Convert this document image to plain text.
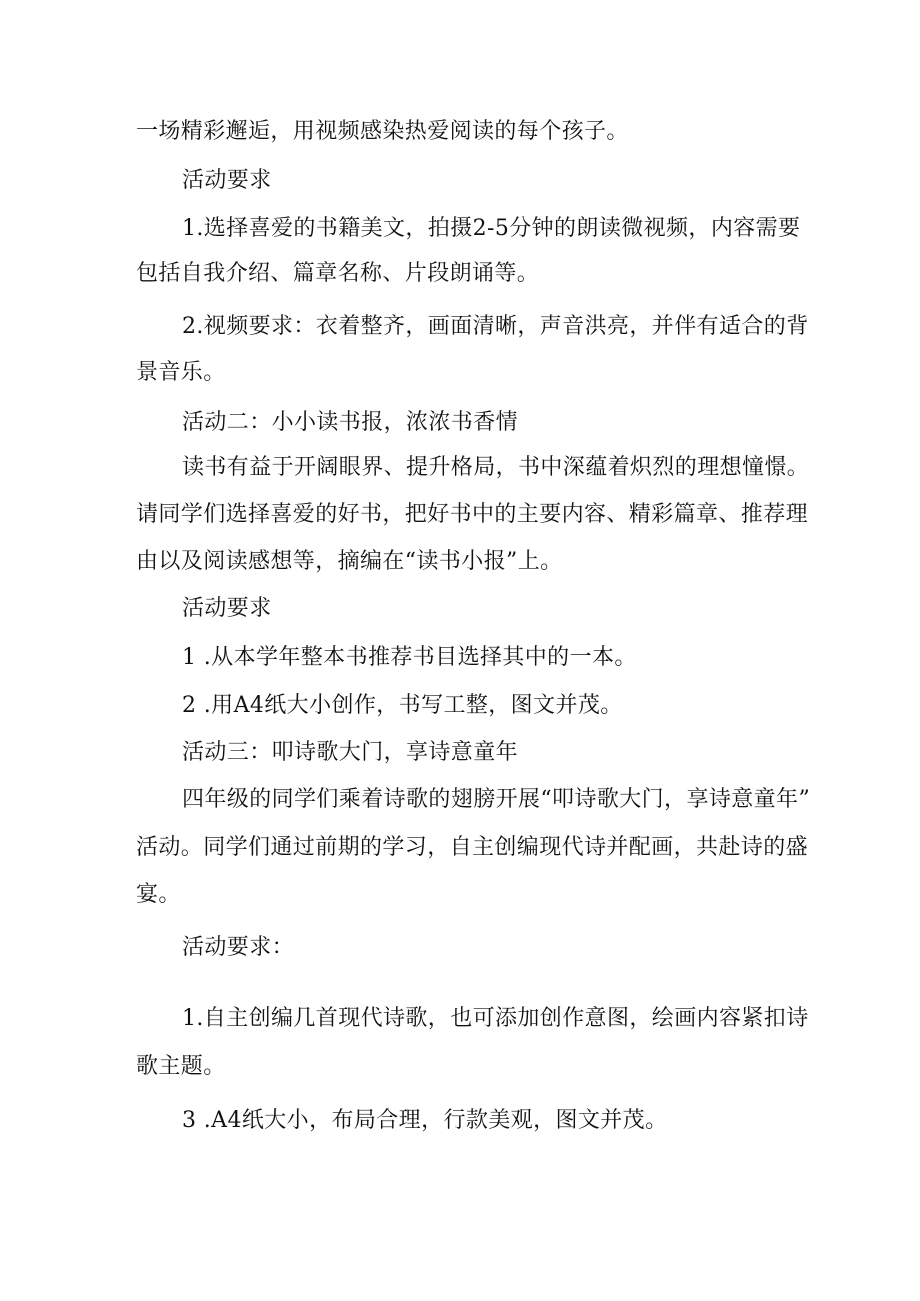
一场精彩邂逅，用视频感染热爱阅读的每个孩子。
活动要求
1.选择喜爱的书籍美文，拍摄2-5分钟的朗读微视频，内容需要
包括自我介绍、篇章名称、片段朗诵等。
2.视频要求：衣着整齐，画面清晰，声音洪亮，并伴有适合的背
景音乐。
活动二：小小读书报，浓浓书香情
读书有益于开阔眼界、提升格局，书中深蕴着炽烈的理想憧憬。
请同学们选择喜爱的好书，把好书中的主要内容、精彩篇章、推荐理
由以及阅读感想等，摘编在“读书小报”上。
活动要求
1 .从本学年整本书推荐书目选择其中的一本。
2 .用A4纸大小创作，书写工整，图文并茂。
活动三：叩诗歌大门，享诗意童年
四年级的同学们乘着诗歌的翅膀开展“叩诗歌大门，享诗意童年”
活动。同学们通过前期的学习，自主创编现代诗并配画，共赴诗的盛
宴。
活动要求：
1.自主创编几首现代诗歌，也可添加创作意图，绘画内容紧扣诗
歌主题。
3 .A4纸大小，布局合理，行款美观，图文并茂。
